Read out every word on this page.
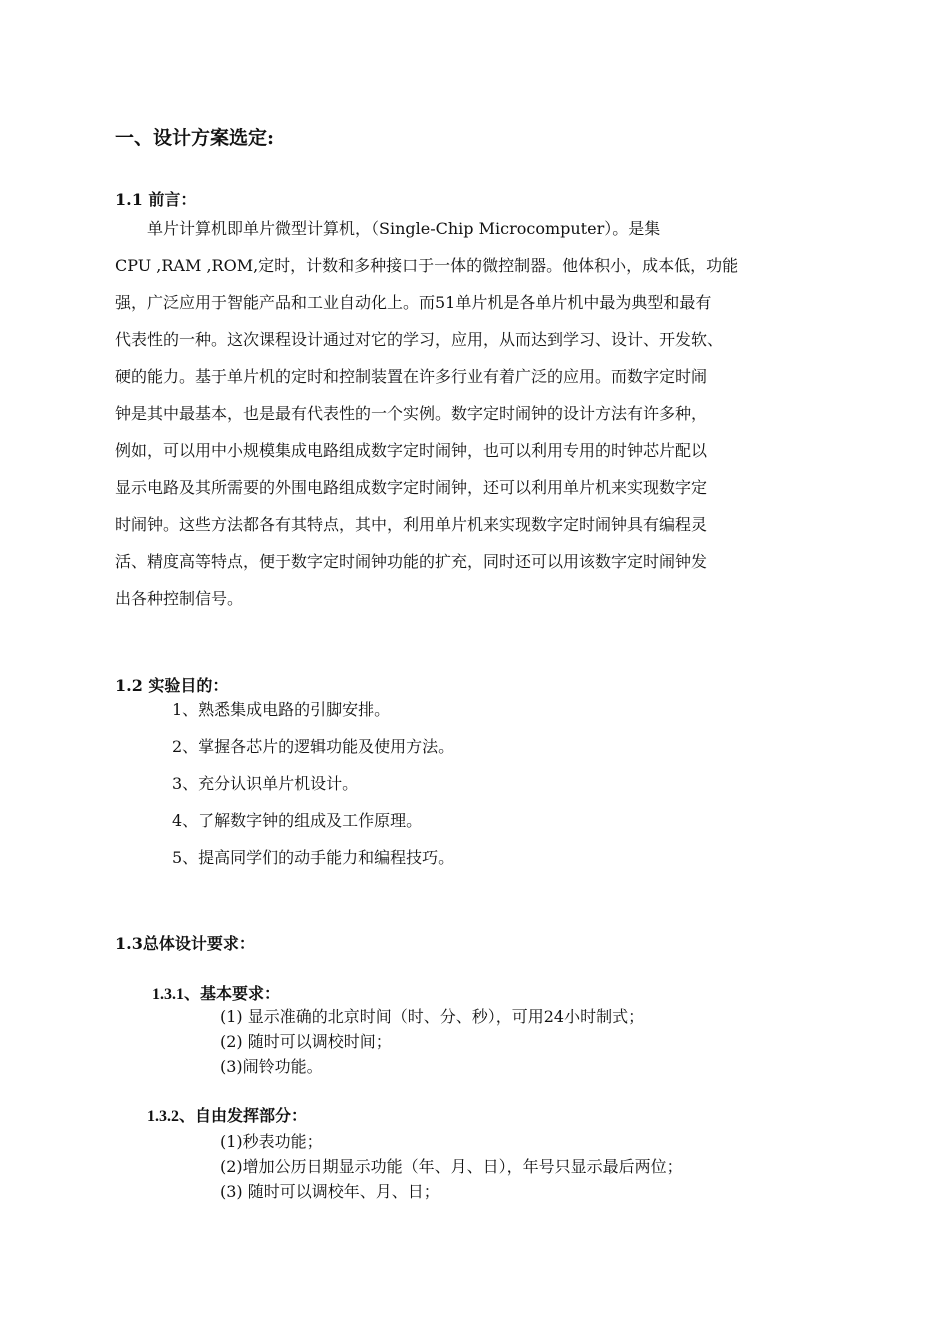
一、设计方案选定:
1.1 前言：
　　单片计算机即单片微型计算机，（Single-Chip Microcomputer）。是集
CPU ,RAM ,ROM,定时，计数和多种接口于一体的微控制器。他体积小，成本低，功能
强，广泛应用于智能产品和工业自动化上。而51单片机是各单片机中最为典型和最有
代表性的一种。这次课程设计通过对它的学习，应用，从而达到学习、设计、开发软、
硬的能力。基于单片机的定时和控制装置在许多行业有着广泛的应用。而数字定时闹
钟是其中最基本，也是最有代表性的一个实例。数字定时闹钟的设计方法有许多种，
例如，可以用中小规模集成电路组成数字定时闹钟，也可以利用专用的时钟芯片配以
显示电路及其所需要的外围电路组成数字定时闹钟，还可以利用单片机来实现数字定
时闹钟。这些方法都各有其特点，其中，利用单片机来实现数字定时闹钟具有编程灵
活、精度高等特点，便于数字定时闹钟功能的扩充，同时还可以用该数字定时闹钟发
出各种控制信号。
1.2 实验目的：
1、熟悉集成电路的引脚安排。
2、掌握各芯片的逻辑功能及使用方法。
3、充分认识单片机设计。
4、了解数字钟的组成及工作原理。
5、提高同学们的动手能力和编程技巧。
1.3总体设计要求：
1.3.1、基本要求：
(1) 显示准确的北京时间（时、分、秒），可用24小时制式；
(2) 随时可以调校时间；
(3)闹铃功能。
1.3.2、自由发挥部分：
(1)秒表功能；
(2)增加公历日期显示功能（年、月、日），年号只显示最后两位；
(3) 随时可以调校年、月、日；
